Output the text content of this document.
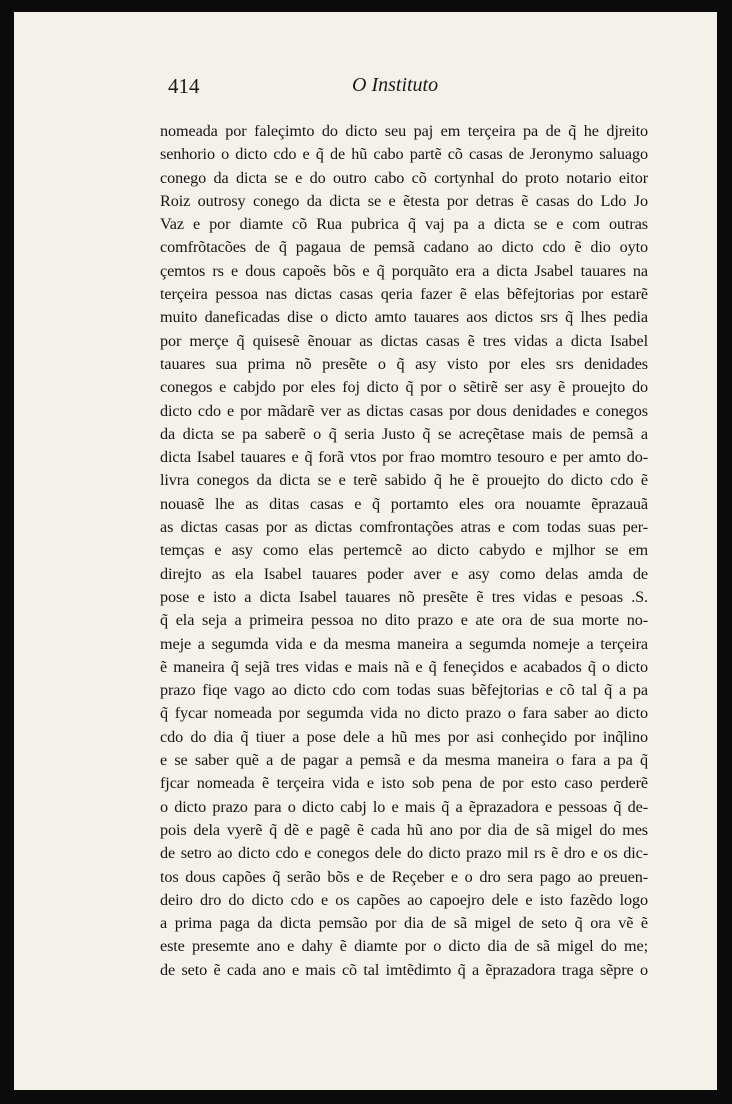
414	O Instituto
nomeada por faleçimto do dicto seu paj em terçeira pa de q̃ he djreito
senhorio o dicto cdo e q̃ de hũ cabo partẽ cõ casas de Jeronymo saluago
conego da dicta se e do outro cabo cõ cortynhal do proto notario eitor
Roiz outrosy conego da dicta se e ẽtesta por detras ẽ casas do Ldo Jo
Vaz e por diamte cõ Rua pubrica q̃ vaj pa a dicta se e com outras
comfrõtacões de q̃ pagaua de pemsã cadano ao dicto cdo ẽ dio oyto
çemtos rs e dous capoẽs bõs e q̃ porquãto era a dicta Jsabel tauares na
terçeira pessoa nas dictas casas qeria fazer ẽ elas bẽfejtorias por estarẽ
muito daneficadas dise o dicto amto tauares aos dictos srs q̃ lhes pedia
por merçe q̃ quisesẽ ẽnouar as dictas casas ẽ tres vidas a dicta Isabel
tauares sua prima nõ presẽte o q̃ asy visto por eles srs denidades
conegos e cabjdo por eles foj dicto q̃ por o sẽtirẽ ser asy ẽ prouejto do
dicto cdo e por mãdarẽ ver as dictas casas por dous denidades e conegos
da dicta se pa saberẽ o q̃ seria Justo q̃ se acreçẽtase mais de pemsã a
dicta Isabel tauares e q̃ forã vtos por frao momtro tesouro e per amto do-
livra conegos da dicta se e terẽ sabido q̃ he ẽ prouejto do dicto cdo ẽ
nouasẽ lhe as ditas casas e q̃ portamto eles ora nouamte ẽprazauã
as dictas casas por as dictas comfrontações atras e com todas suas per-
temças e asy como elas pertemcẽ ao dicto cabydo e mjlhor se em
direjto as ela Isabel tauares poder aver e asy como delas amda de
pose e isto a dicta Isabel tauares nõ presẽte ẽ tres vidas e pesoas .S.
q̃ ela seja a primeira pessoa no dito prazo e ate ora de sua morte no-
meje a segumda vida e da mesma maneira a segumda nomeje a terçeira
ẽ maneira q̃ sejã tres vidas e mais nã e q̃ feneçidos e acabados q̃ o dicto
prazo fiqe vago ao dicto cdo com todas suas bẽfejtorias e cõ tal q̃ a pa
q̃ fycar nomeada por segumda vida no dicto prazo o fara saber ao dicto
cdo do dia q̃ tiuer a pose dele a hũ mes por asi conheçido por inq̃lino
e se saber quẽ a de pagar a pemsã e da mesma maneira o fara a pa q̃
fjcar nomeada ẽ terçeira vida e isto sob pena de por esto caso perderẽ
o dicto prazo para o dicto cabj lo e mais q̃ a ẽprazadora e pessoas q̃ de-
pois dela vyerẽ q̃ dẽ e pagẽ ẽ cada hũ ano por dia de sã migel do mes
de setro ao dicto cdo e conegos dele do dicto prazo mil rs ẽ dro e os dic-
tos dous capões q̃ serão bõs e de Reçeber e o dro sera pago ao preuen-
deiro dro do dicto cdo e os capões ao capoejro dele e isto fazẽdo logo
a prima paga da dicta pemsão por dia de sã migel de seto q̃ ora vẽ ẽ
este presemte ano e dahy ẽ diamte por o dicto dia de sã migel do me;
de seto ẽ cada ano e mais cõ tal imtẽdimto q̃ a ẽprazadora traga sẽpre o
